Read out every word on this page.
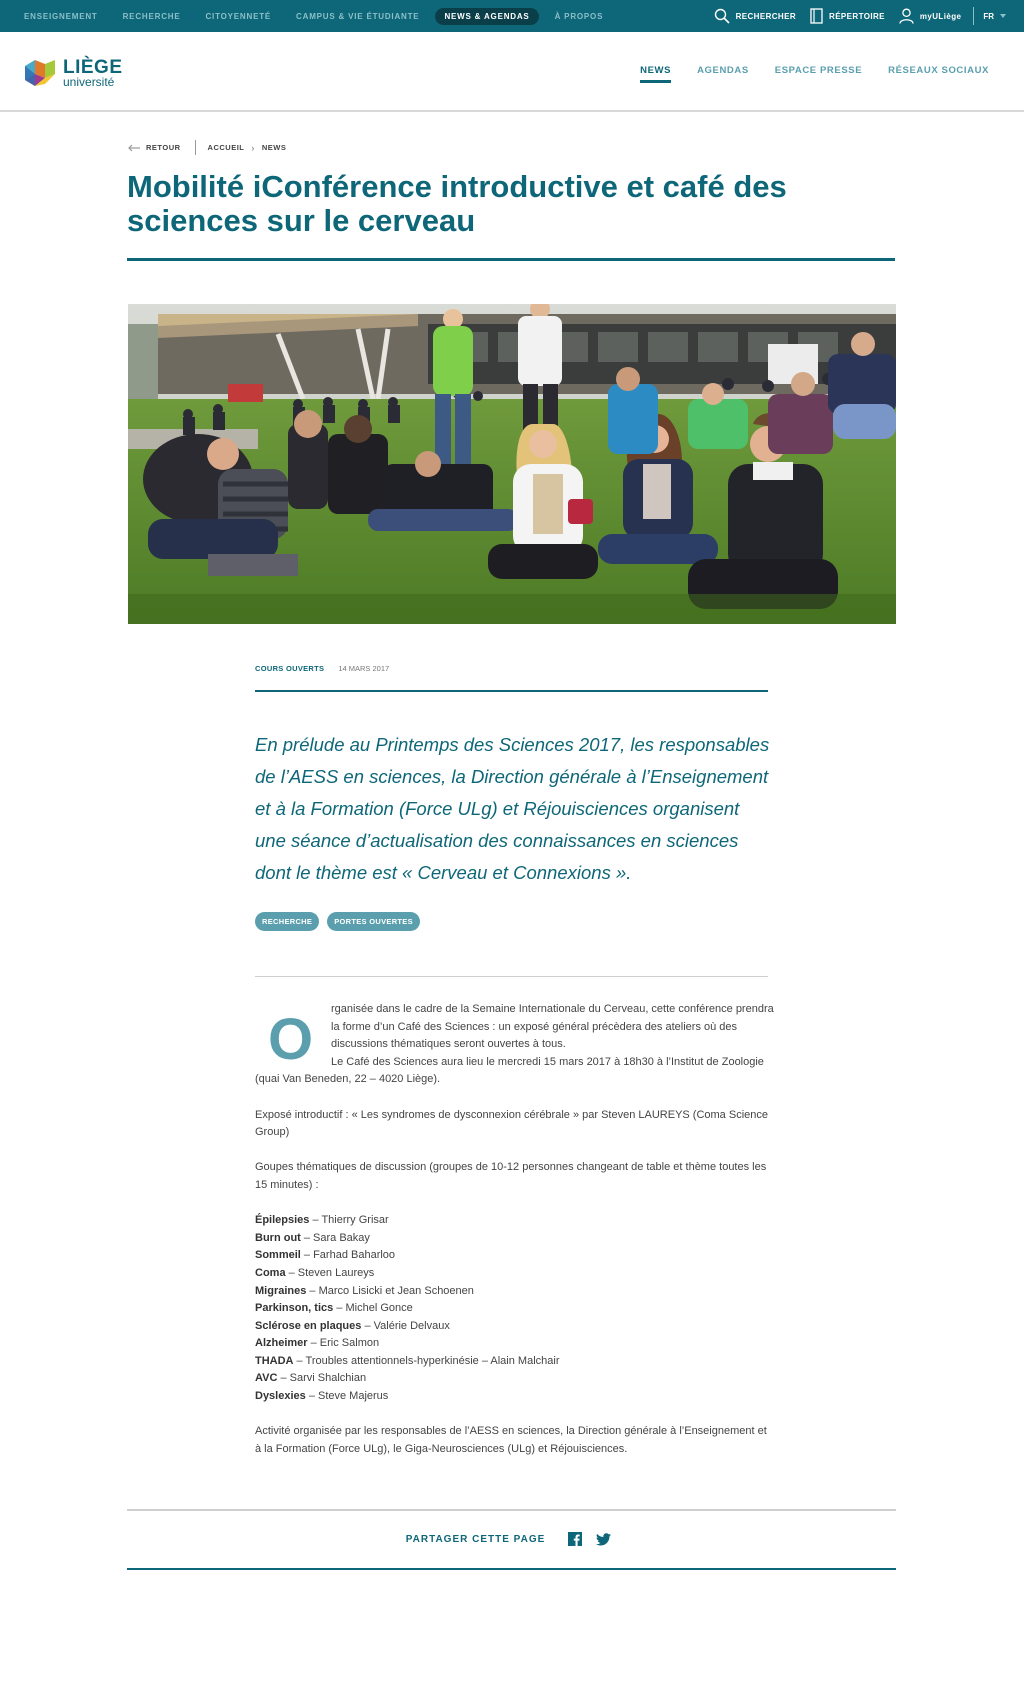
ENSEIGNEMENT	RECHERCHE	CITOYENNETÉ	CAMPUS & VIE ÉTUDIANTE	NEWS & AGENDAS	À PROPOS	RECHERCHER	RÉPERTOIRE	myULiège	FR
LIÈGE
université
NEWS	AGENDAS	ESPACE PRESSE	RÉSEAUX SOCIAUX
RETOUR	ACCUEIL › NEWS
Mobilité iConférence introductive et café des sciences sur le cerveau
COURS OUVERTS 14 MARS 2017

En prélude au Printemps des Sciences 2017, les responsables de l’AESS en sciences, la Direction générale à l’Enseignement et à la Formation (Force ULg) et Réjouisciences organisent une séance d’actualisation des connaissances en sciences dont le thème est « Cerveau et Connexions ».

RECHERCHE	PORTES OUVERTES
O	rganisée dans le cadre de la Semaine Internationale du Cerveau, cette conférence prendra la forme d’un Café des Sciences : un exposé général précèdera des ateliers où des discussions thématiques seront ouvertes à tous.

Le Café des Sciences aura lieu le mercredi 15 mars 2017 à 18h30 à l’Institut de Zoologie (quai Van Beneden, 22 – 4020 Liège).

Exposé introductif : « Les syndromes de dysconnexion cérébrale » par Steven LAUREYS (Coma Science Group)

Goupes thématiques de discussion (groupes de 10-12 personnes changeant de table et thème toutes les 15 minutes) :

Épilepsies – Thierry Grisar

Burn out – Sara Bakay

Sommeil – Farhad Baharloo

Coma – Steven Laureys

Migraines – Marco Lisicki et Jean Schoenen

Parkinson, tics – Michel Gonce

Sclérose en plaques – Valérie Delvaux

Alzheimer – Eric Salmon

THADA – Troubles attentionnels-hyperkinésie – Alain Malchair

AVC – Sarvi Shalchian

Dyslexies – Steve Majerus

Activité organisée par les responsables de l’AESS en sciences, la Direction générale à l’Enseignement et à la Formation (Force ULg), le Giga-Neurosciences (ULg) et Réjouisciences.

PARTAGER CETTE PAGE
